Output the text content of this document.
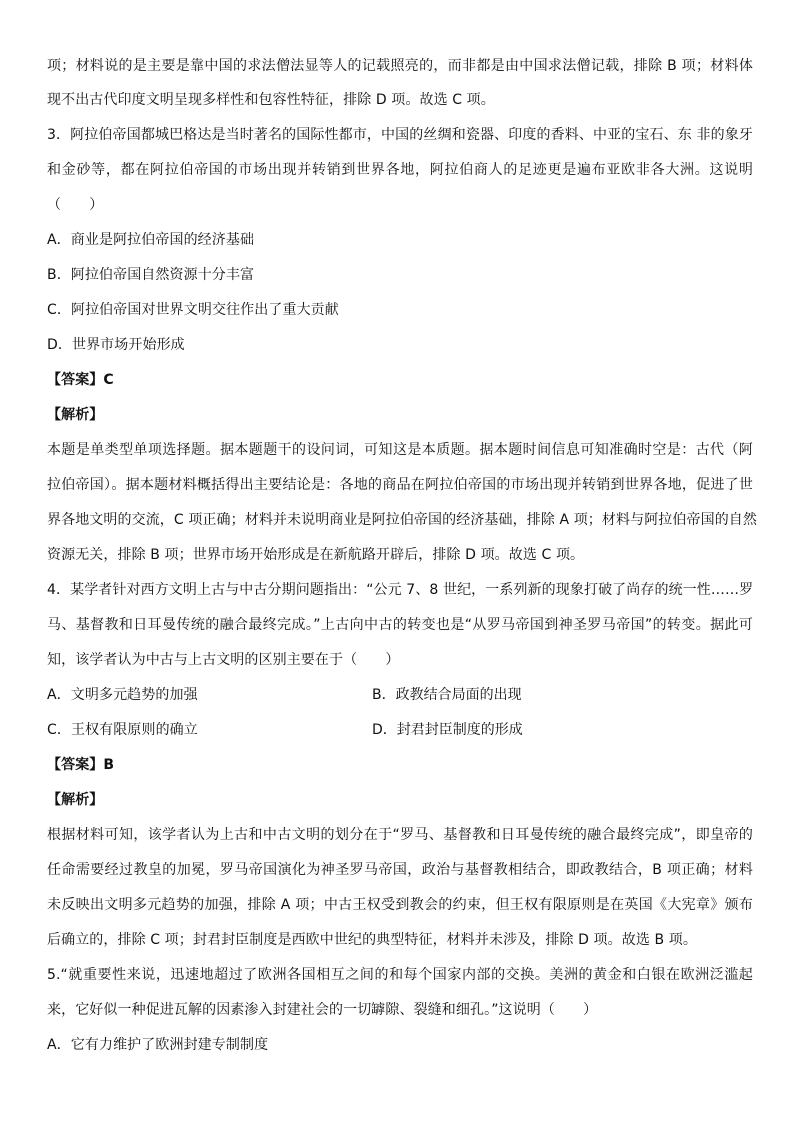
项；材料说的是主要是靠中国的求法僧法显等人的记载照亮的，而非都是由中国求法僧记载，排除 B 项；材料体
现不出古代印度文明呈现多样性和包容性特征，排除 D 项。故选 C 项。
3．阿拉伯帝国都城巴格达是当时著名的国际性都市，中国的丝绸和瓷器、印度的香料、中亚的宝石、东 非的象牙
和金砂等，都在阿拉伯帝国的市场出现并转销到世界各地，阿拉伯商人的足迹更是遍布亚欧非各大洲。这说明
（　　）
A．商业是阿拉伯帝国的经济基础
B．阿拉伯帝国自然资源十分丰富
C．阿拉伯帝国对世界文明交往作出了重大贡献
D．世界市场开始形成
【答案】C
【解析】
本题是单类型单项选择题。据本题题干的设问词，可知这是本质题。据本题时间信息可知准确时空是：古代（阿
拉伯帝国）。据本题材料概括得出主要结论是：各地的商品在阿拉伯帝国的市场出现并转销到世界各地，促进了世
界各地文明的交流，C 项正确；材料并未说明商业是阿拉伯帝国的经济基础，排除 A 项；材料与阿拉伯帝国的自然
资源无关，排除 B 项；世界市场开始形成是在新航路开辟后，排除 D 项。故选 C 项。
4．某学者针对西方文明上古与中古分期问题指出：“公元 7、8 世纪，一系列新的现象打破了尚存的统一性……罗
马、基督教和日耳曼传统的融合最终完成。”上古向中古的转变也是“从罗马帝国到神圣罗马帝国”的转变。据此可
知，该学者认为中古与上古文明的区别主要在于（　　）
A．文明多元趋势的加强	B．政教结合局面的出现
C．王权有限原则的确立	D．封君封臣制度的形成
【答案】B
【解析】
根据材料可知，该学者认为上古和中古文明的划分在于“罗马、基督教和日耳曼传统的融合最终完成”，即皇帝的
任命需要经过教皇的加冕，罗马帝国演化为神圣罗马帝国，政治与基督教相结合，即政教结合，B 项正确；材料
未反映出文明多元趋势的加强，排除 A 项；中古王权受到教会的约束，但王权有限原则是在英国《大宪章》颁布
后确立的，排除 C 项；封君封臣制度是西欧中世纪的典型特征，材料并未涉及，排除 D 项。故选 B 项。
5.“就重要性来说，迅速地超过了欧洲各国相互之间的和每个国家内部的交换。美洲的黄金和白银在欧洲泛滥起
来，它好似一种促进瓦解的因素渗入封建社会的一切罅隙、裂缝和细孔。”这说明（　　）
A．它有力维护了欧洲封建专制制度
